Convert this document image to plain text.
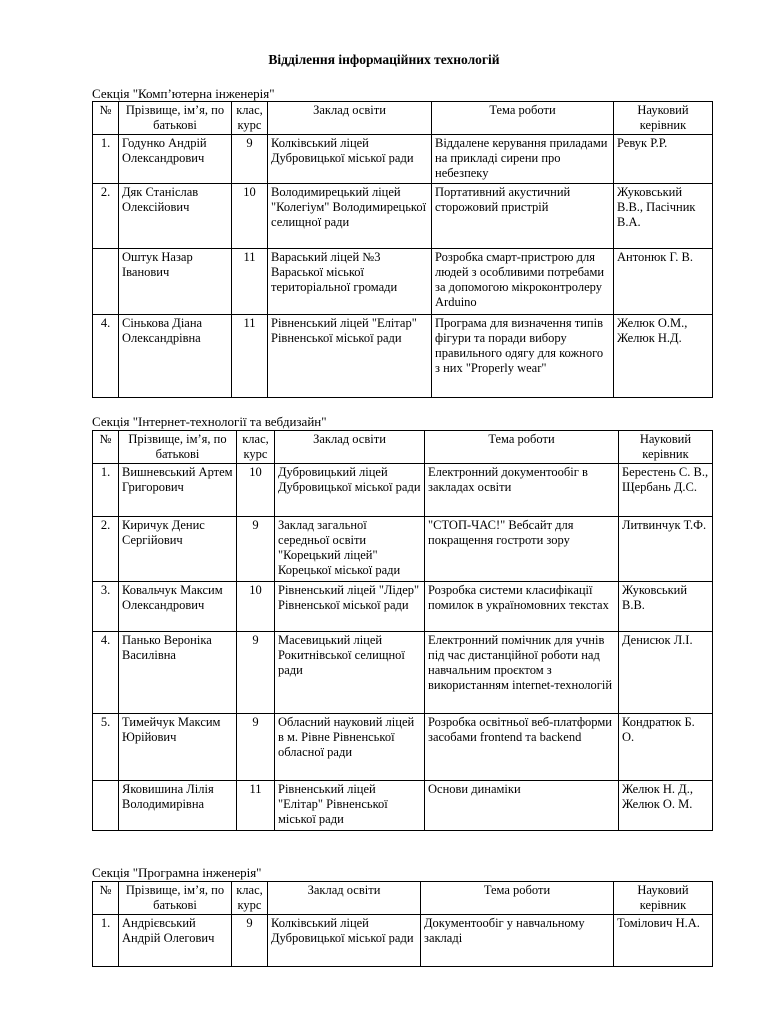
Відділення інформаційних технологій
Секція "Комп’ютерна інженерія"
№	Прізвище, ім’я, по батькові	клас, курс	Заклад освіти	Тема роботи	Науковий керівник
1.	Годунко Андрій Олександрович	9	Колківський ліцей Дубровицької міської ради	Віддалене керування приладами на прикладі сирени про небезпеку	Ревук Р.Р.
2.	Дяк Станіслав Олексійович	10	Володимирецький ліцей "Колегіум" Володимирецької селищної ради	Портативний акустичний сторожовий пристрій	Жуковський В.В., Пасічник В.А.
	Оштук Назар Іванович	11	Вараський ліцей №3 Вараської міської територіальної громади	Розробка смарт-пристрою для людей з особливими потребами за допомогою мікроконтролеру Arduino	Антонюк Г. В.
4.	Сінькова Діана Олександрівна	11	Рівненський ліцей "Елітар" Рівненської міської ради	Програма для визначення типів фігури та поради вибору правильного одягу для кожного з них "Properly wear"	Желюк О.М., Желюк Н.Д.
Секція "Інтернет-технології та вебдизайн"
№	Прізвище, ім’я, по батькові	клас, курс	Заклад освіти	Тема роботи	Науковий керівник
1.	Вишневський Артем Григорович	10	Дубровицький ліцей Дубровицької міської ради	Електронний документообіг в закладах освіти	Берестень С. В., Щербань Д.С.
2.	Киричук Денис Сергійович	9	Заклад загальної середньої освіти "Корецький ліцей" Корецької міської ради	"СТОП-ЧАС!" Вебсайт для покращення гостроти зору	Литвинчук Т.Ф.
3.	Ковальчук Максим Олександрович	10	Рівненський ліцей "Лідер" Рівненської міської ради	Розробка системи класифікації помилок в україномовних текстах	Жуковський В.В.
4.	Панько Вероніка Василівна	9	Масевицький ліцей Рокитнівської селищної ради	Електронний помічник для учнів під час дистанційної роботи над навчальним проєктом з використанням internet-технологій	Денисюк Л.І.
5.	Тимейчук Максим Юрійович	9	Обласний науковий ліцей в м. Рівне Рівненської обласної ради	Розробка освітньої веб-платформи засобами frontend та backend	Кондратюк Б. О.
	Яковишина Лілія Володимирівна	11	Рівненський ліцей "Елітар" Рівненської міської ради	Основи динаміки	Желюк Н. Д., Желюк О. М.
Секція "Програмна інженерія"
№	Прізвище, ім’я, по батькові	клас, курс	Заклад освіти	Тема роботи	Науковий керівник
1.	Андрієвський Андрій Олегович	9	Колківський ліцей Дубровицької міської ради	Документообіг у навчальному закладі	Томілович Н.А.
